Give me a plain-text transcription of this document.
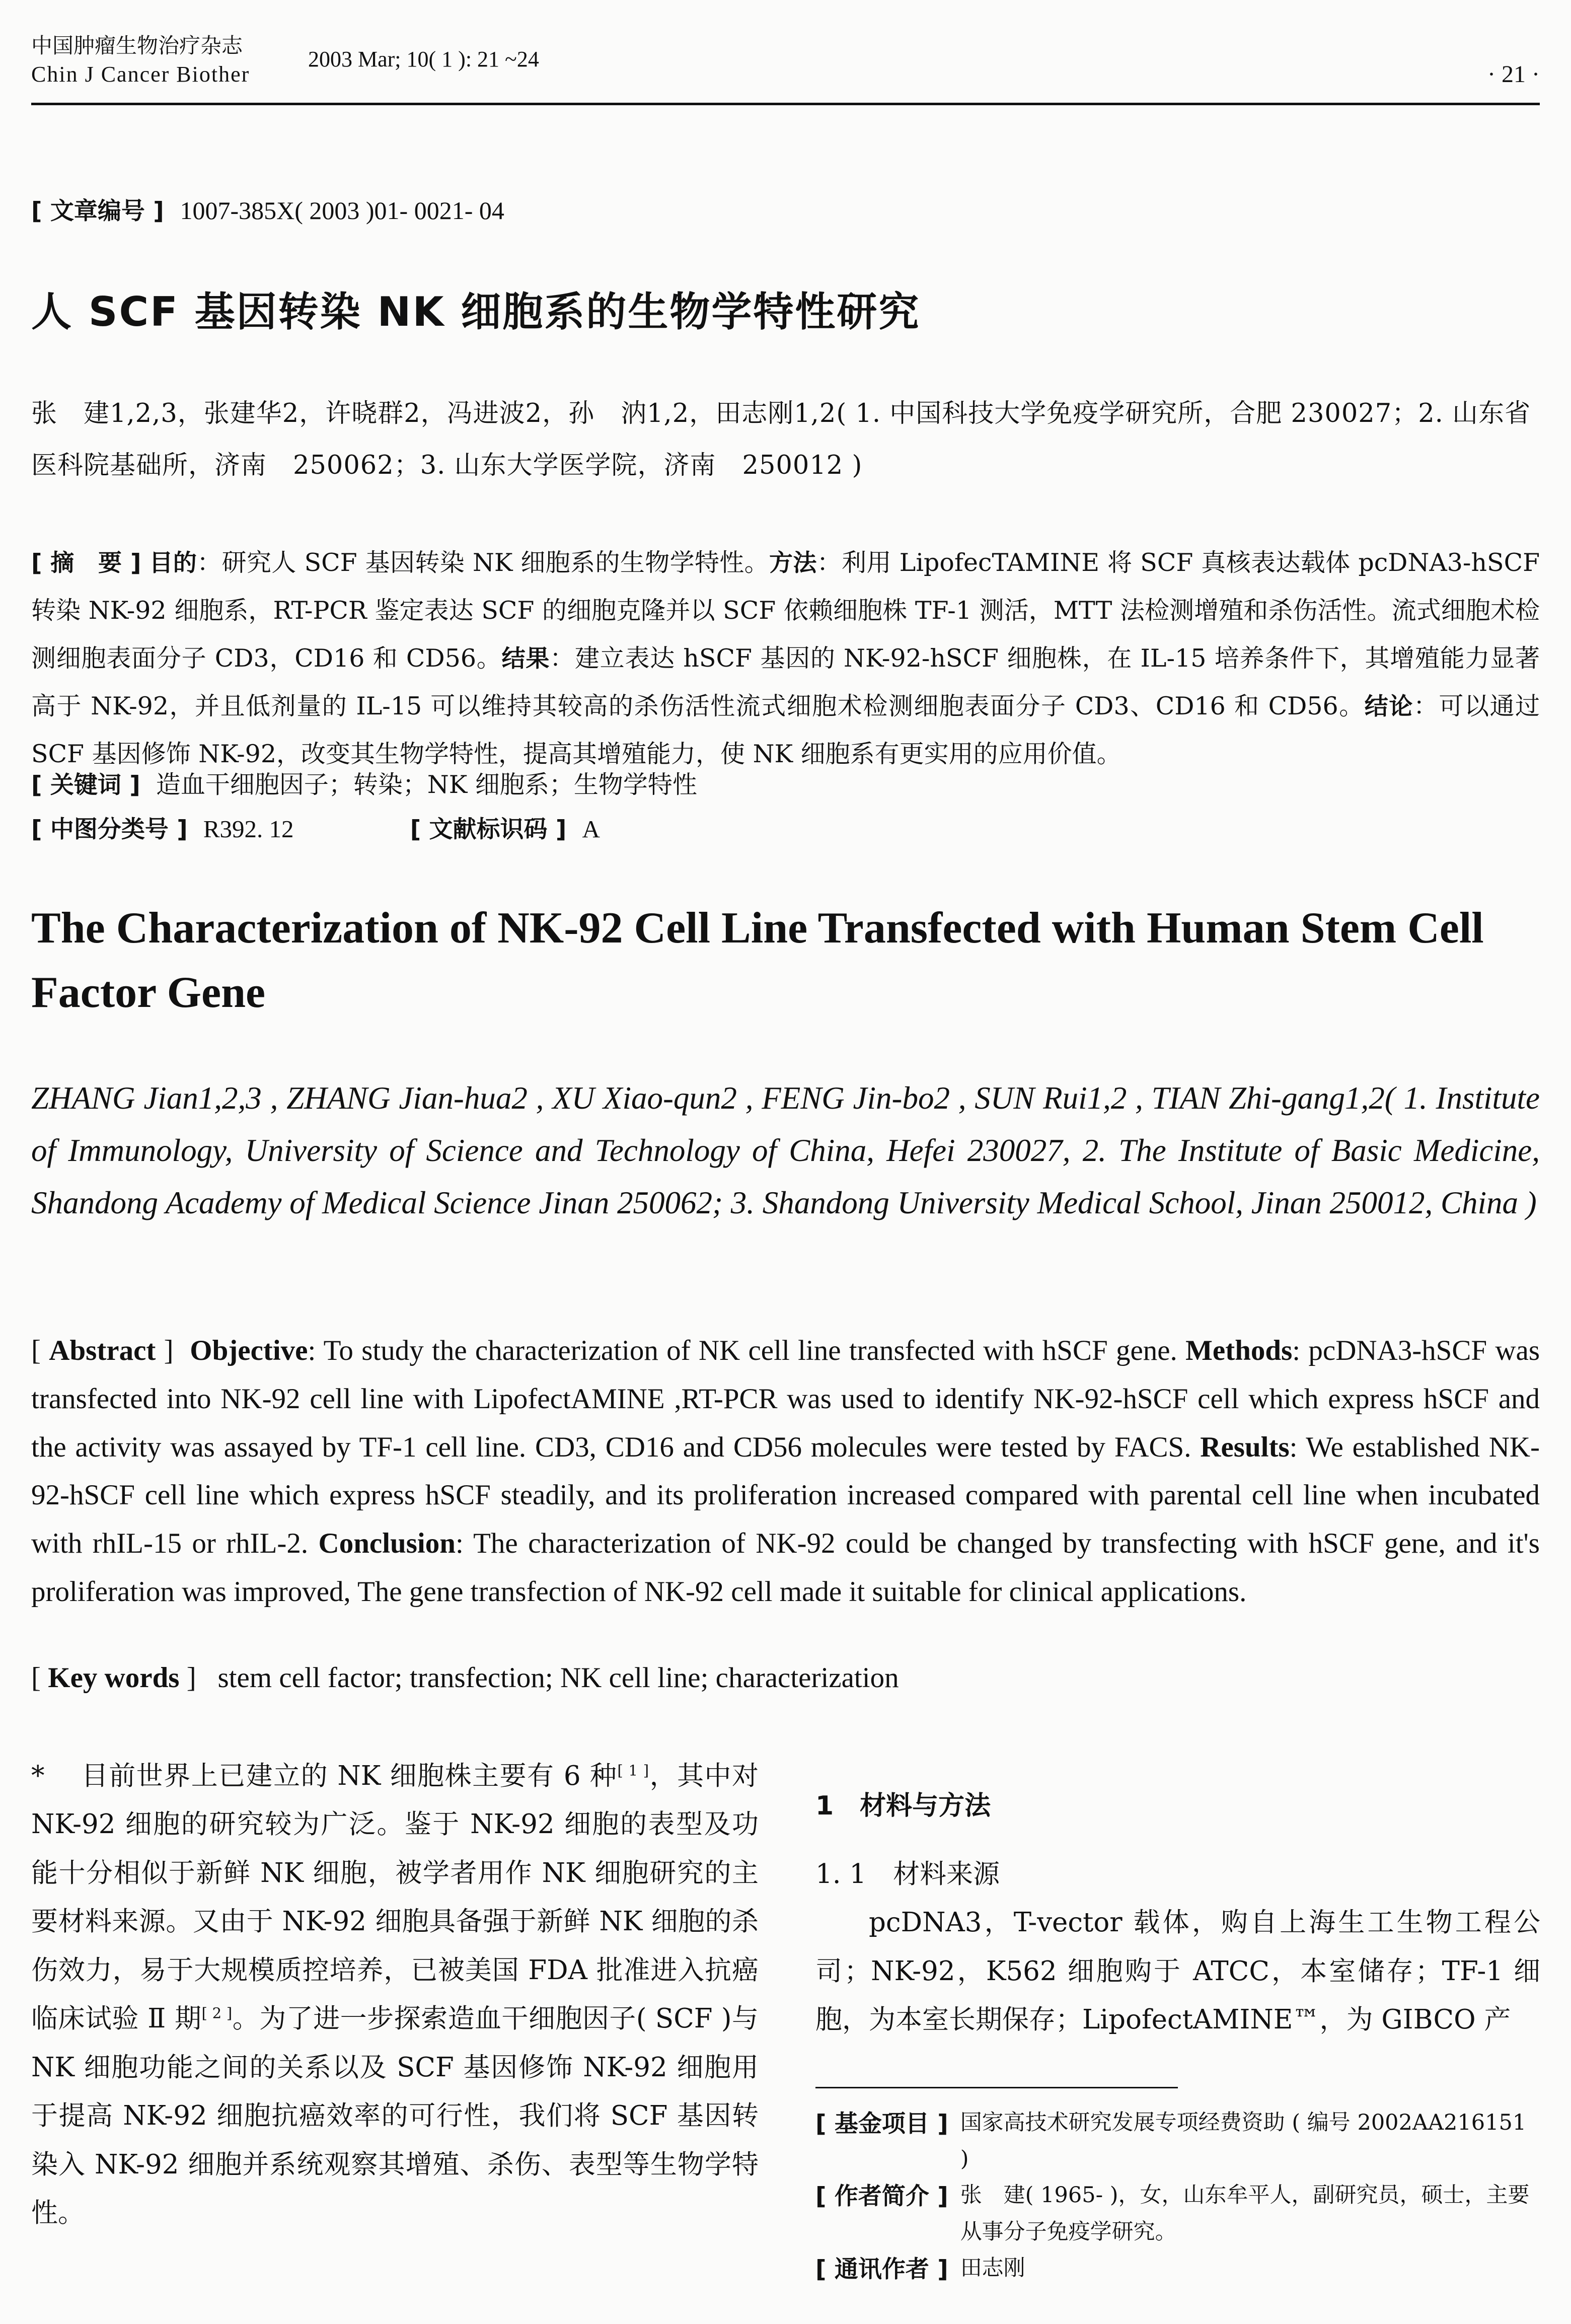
中国肿瘤生物治疗杂志
Chin J Cancer Biother
2003 Mar; 10( 1 ): 21 ~24
· 21 ·
[ 文章编号 ] 1007-385X( 2003 )01- 0021- 04
人 SCF 基因转染 NK 细胞系的生物学特性研究
张　建1,2,3，张建华2，许晓群2，冯进波2，孙　汭1,2，田志刚1,2( 1. 中国科技大学免疫学研究所，合肥 230027；2. 山东省医科院基础所，济南　250062；3. 山东大学医学院，济南　250012 )
[ 摘　要 ] 目的：研究人 SCF 基因转染 NK 细胞系的生物学特性。方法：利用 LipofecTAMINE 将 SCF 真核表达载体 pcDNA3-hSCF 转染 NK-92 细胞系，RT-PCR 鉴定表达 SCF 的细胞克隆并以 SCF 依赖细胞株 TF-1 测活，MTT 法检测增殖和杀伤活性。流式细胞术检测细胞表面分子 CD3，CD16 和 CD56。结果：建立表达 hSCF 基因的 NK-92-hSCF 细胞株，在 IL-15 培养条件下，其增殖能力显著高于 NK-92，并且低剂量的 IL-15 可以维持其较高的杀伤活性流式细胞术检测细胞表面分子 CD3、CD16 和 CD56。结论：可以通过 SCF 基因修饰 NK-92，改变其生物学特性，提高其增殖能力，使 NK 细胞系有更实用的应用价值。
[ 关键词 ] 造血干细胞因子；转染；NK 细胞系；生物学特性
[ 中图分类号 ] R392. 12	[ 文献标识码 ] A
The Characterization of NK-92 Cell Line Transfected with Human Stem Cell Factor Gene
ZHANG Jian1,2,3 , ZHANG Jian-hua2 , XU Xiao-qun2 , FENG Jin-bo2 , SUN Rui1,2 , TIAN Zhi-gang1,2( 1. Institute of Immunology, University of Science and Technology of China, Hefei 230027, 2. The Institute of Basic Medicine, Shandong Academy of Medical Science Jinan 250062; 3. Shandong University Medical School, Jinan 250012, China )
[ Abstract ] Objective: To study the characterization of NK cell line transfected with hSCF gene. Methods: pcDNA3-hSCF was transfected into NK-92 cell line with LipofectAMINE ,RT-PCR was used to identify NK-92-hSCF cell which express hSCF and the activity was assayed by TF-1 cell line. CD3, CD16 and CD56 molecules were tested by FACS. Results: We established NK-92-hSCF cell line which express hSCF steadily, and its proliferation increased compared with parental cell line when incubated with rhIL-15 or rhIL-2. Conclusion: The characterization of NK-92 could be changed by transfecting with hSCF gene, and it's proliferation was improved, The gene transfection of NK-92 cell made it suitable for clinical applications.
[ Key words ] stem cell factor; transfection; NK cell line; characterization
* 目前世界上已建立的 NK 细胞株主要有 6 种[ 1 ]，其中对 NK-92 细胞的研究较为广泛。鉴于 NK-92 细胞的表型及功能十分相似于新鲜 NK 细胞，被学者用作 NK 细胞研究的主要材料来源。又由于 NK-92 细胞具备强于新鲜 NK 细胞的杀伤效力，易于大规模质控培养，已被美国 FDA 批准进入抗癌临床试验 Ⅱ 期[ 2 ]。为了进一步探索造血干细胞因子( SCF )与 NK 细胞功能之间的关系以及 SCF 基因修饰 NK-92 细胞用于提高 NK-92 细胞抗癌效率的可行性，我们将 SCF 基因转染入 NK-92 细胞并系统观察其增殖、杀伤、表型等生物学特性。
1　材料与方法
1. 1　材料来源
pcDNA3，T-vector 载体，购自上海生工生物工程公司；NK-92，K562 细胞购于 ATCC，本室储存；TF-1 细胞，为本室长期保存；LipofectAMINE™，为 GIBCO 产
[ 基金项目 ] 国家高技术研究发展专项经费资助 ( 编号 2002AA216151 )
[ 作者简介 ] 张　建( 1965- )，女，山东牟平人，副研究员，硕士，主要从事分子免疫学研究。
[ 通讯作者 ] 田志刚
